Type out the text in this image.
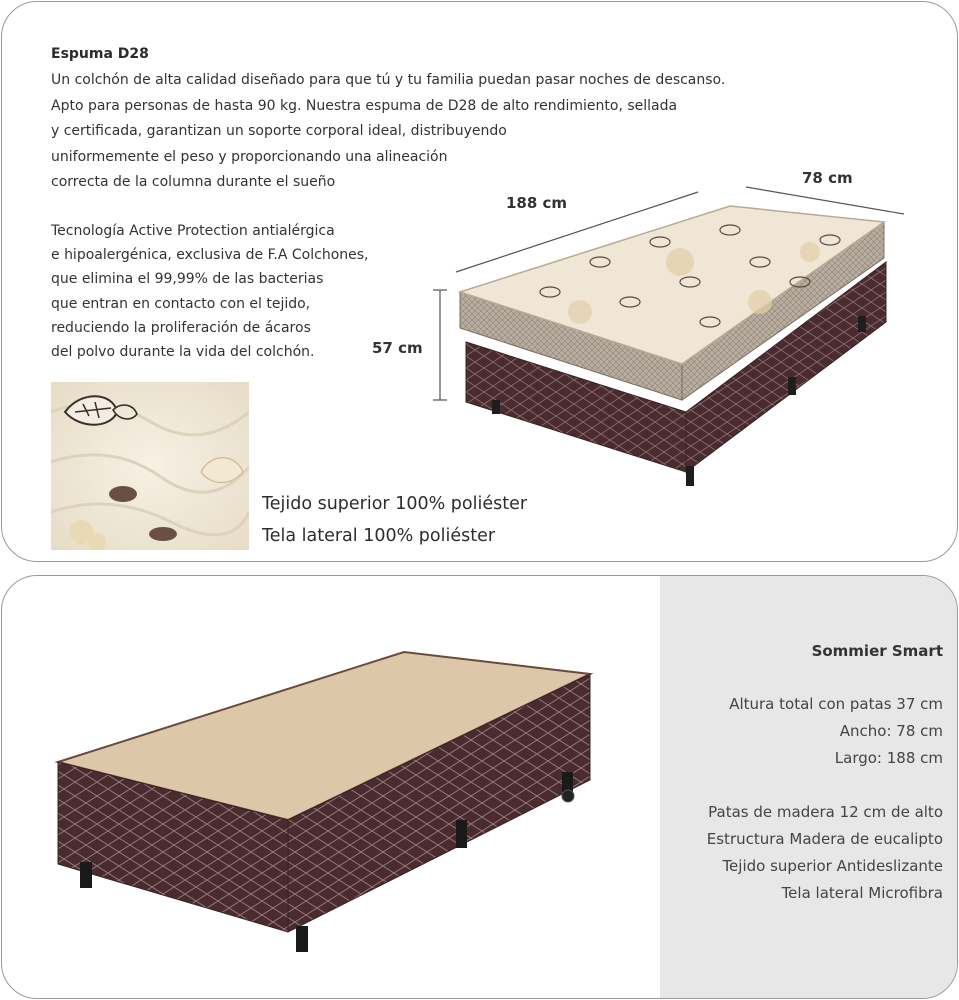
Espuma D28

Un colchón de alta calidad diseñado para que tú y tu familia puedan pasar noches de descanso.
Apto para personas de hasta 90 kg. Nuestra espuma de D28 de alto rendimiento, sellada
y certificada, garantizan un soporte corporal ideal, distribuyendo
uniformemente el peso y proporcionando una alineación
correcta de la columna durante el sueño

Tecnología Active Protection antialérgica
e hipoalergénica, exclusiva de F.A Colchones,
que elimina el 99,99% de las bacterias
que entran en contacto con el tejido,
reduciendo la proliferación de ácaros
del polvo durante la vida del colchón.

188 cm
78 cm
57 cm
Tejido superior 100% poliéster
Tela lateral 100% poliéster
Sommier Smart
Altura total con patas 37 cm
Ancho: 78 cm
Largo: 188 cm
Patas de madera 12 cm de alto
Estructura Madera de eucalipto
Tejido superior Antideslizante
Tela lateral Microfibra
